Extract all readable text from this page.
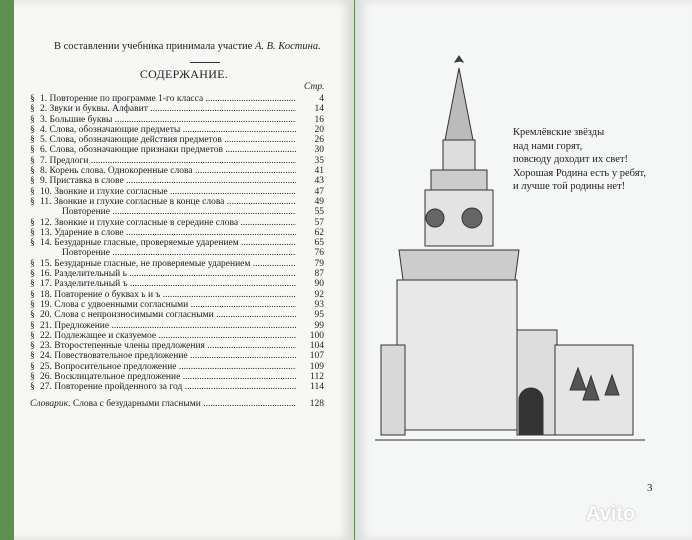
В составлении учебника принимала участие А. В. Костина.
СОДЕРЖАНИЕ.
Стр.
§ 1. Повторение по программе 1-го класса .....	4
§ 2. Звуки и буквы. Алфавит .....	14
§ 3. Большие буквы .....	16
§ 4. Слова, обозначающие предметы .....	20
§ 5. Слова, обозначающие действия предметов .....	26
§ 6. Слова, обозначающие признаки предметов .....	30
§ 7. Предлоги .....	35
§ 8. Корень слова. Однокоренные слова .....	41
§ 9. Приставка в слове .....	43
§ 10. Звонкие и глухие согласные .....	47
§ 11. Звонкие и глухие согласные в конце слова .....	49
Повторение .....	55
§ 12. Звонкие и глухие согласные в середине слова .....	57
§ 13. Ударение в слове .....	62
§ 14. Безударные гласные, проверяемые ударением .....	65
Повторение .....	76
§ 15. Безударные гласные, не проверяемые ударением .....	79
§ 16. Разделительный ь .....	87
§ 17. Разделительный ъ .....	90
§ 18. Повторение о буквах ь и ъ .....	92
§ 19. Слова с удвоенными согласными .....	93
§ 20. Слова с непроизносимыми согласными .....	95
§ 21. Предложение .....	99
§ 22. Подлежащее и сказуемое .....	100
§ 23. Второстепенные члены предложения .....	104
§ 24. Повествовательное предложение .....	107
§ 25. Вопросительное предложение .....	109
§ 26. Восклицательное предложение .....	112
§ 27. Повторение пройденного за год .....	114
Словарик. Слова с безударными гласными .....	128
Кремлёвские звёзды
над нами горят,
повсюду доходит их свет!
Хорошая Родина есть у ребят,
и лучше той родины нет!
3
Avito
